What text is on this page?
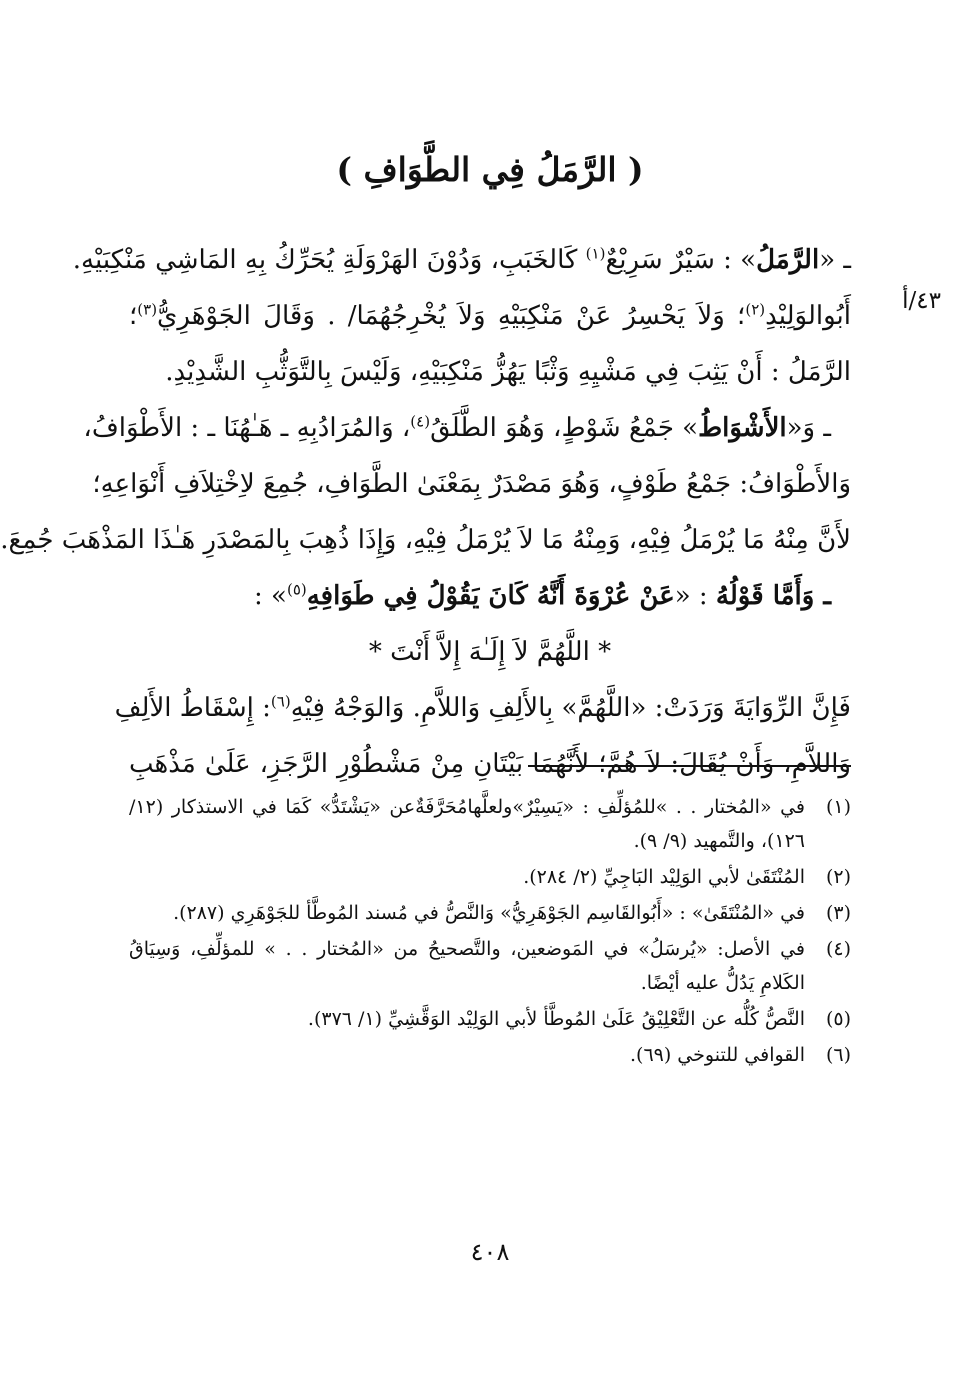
( الرَّمَلُ فِي الطَّوَافِ )
٤٣/أ
ـ «الرَّمَلُ» : سَيْرٌ سَرِيْعٌ$^{(١)}$ كَالخَبَبِ، وَدُوْنَ الهَرْوَلَةِ يُحَرِّكُ بِهِ المَاشِي مَنْكِبَيْهِ.
أَبُوالوَلِيْدِ$^{(٢)}$؛ وَلاَ يَحْسِرُ عَنْ مَنْكِبَيْهِ وَلاَ يُخْرِجُهُمَا/ . وَقَالَ الجَوْهَرِيُّ$^{(٣)}$؛
الرَّمَلُ : أَنْ يَثِبَ فِي مَشْيِهِ وَثْبًا يَهُزُّ مَنْكِبَيْهِ، وَلَيْسَ بِالتَّوَثُّبِ الشَّدِيْدِ.
ـ وَ«الأَشْوَاطُ» جَمْعُ شَوْطٍ، وَهُوَ الطَّلَقُ$^{(٤)}$، وَالمُرَادُبِهِ ـ هَـٰهُنَا ـ : الأَطْوَافُ،
وَالأَطْوَافُ: جَمْعُ طَوْفٍ، وَهُوَ مَصْدَرٌ بِمَعْنَىٰ الطَّوَافِ، جُمِعَ لاِخْتِلاَفِ أَنْوَاعِهِ؛
لأَنَّ مِنْهُ مَا يُرْمَلُ فِيْهِ، وَمِنْهُ مَا لاَ يُرْمَلُ فِيْهِ، وَإِذَا ذُهِبَ بِالمَصْدَرِ هَـٰذَا المَذْهَبَ جُمِعَ.
ـ وَأَمَّا قَوْلُهُ : «عَنْ عُرْوَةَ أَنَّهُ كَانَ يَقُوْلُ فِي طَوَافِهِ$^{(٥)}$» :
* اللَّهُمَّ لاَ إِلَـٰهَ إِلاَّ أَنْتَ *
فَإِنَّ الرِّوَايَةَ وَرَدَتْ: «اللَّهُمَّ» بِالأَلِفِ وَاللاَّمِ. وَالوَجْهُ فِيْهِ$^{(٦)}$: إِسْقَاطُ الأَلِفِ
وَاللاَّمِ، وَأَنْ يُقَالَ: لاَ هُمَّ؛ لأَنَّهُمَا بَيْتَانِ مِنْ مَشْطُوْرِ الرَّجَزِ، عَلَىٰ مَذْهَبِ
(١)
في «المُختار . . »للمُؤلِّفِ : «يَسِيْرٌ»ولعلَّهامُحَرَّفَةٌعن «يَشْتَدُّ» كَمَا في الاستذكار (١٢/ ١٢٦)، والتَّمهيد (٩/ ٩).
(٢)
المُنْتَقَىٰ لأبي الوَلِيْد البَاجِيِّ (٢/ ٢٨٤).
(٣)
في «المُنْتَقَىٰ» : «أَبُوالقَاسِم الجَوْهَرِيُّ» وَالنَّصُّ في مُسند المُوطَّأ للجَوْهَرِي (٢٨٧).
(٤)
في الأصل: «يُرسَلُ» في المَوضعين، والتَّصحيحُ من «المُختار . . » للمؤلِّفِ، وَسِيَاقُ الكَلامِ يَدُلُّ عليه أيْضًا.
(٥)
النَّصُّ كُلُّه عن التَّعْلِيْقُ عَلَىٰ المُوطَّأ لأبي الوَلِيْد الوَقَّشِيِّ (١/ ٣٧٦).
(٦)
القوافي للتنوخي (٦٩).
٤٠٨
